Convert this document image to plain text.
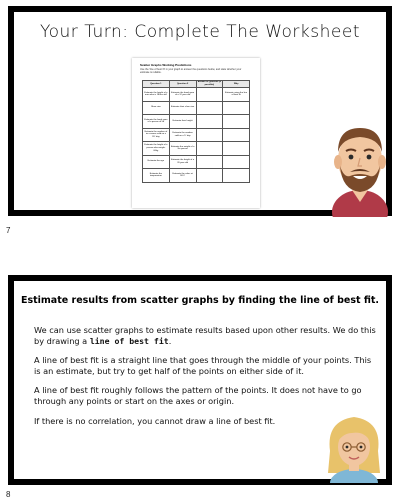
Your Turn: Complete The Worksheet
Scatter Graphs Working Predictions
Use the 'line of best fit' in your graph to answer the questions below, and state whether your estimate is reliable.
Question 1	Question 2	Answer to Question (if possible)	Why
Estimate the height of a man who is 180cm tall	Estimate the hand span of a 12 year old		Estimate using the line of best fit
Shoe size	Estimate their shoe size		
Estimate the hand span of a person of 5ft	Estimate their height		
Estimate the number of ice creams sold on a 20° day	Estimate the number sold on a 5° day		
Estimate the height of a person who weighs 60kg	Estimate the weight of a 2m person		
Estimate the age	Estimate the height of a 20 year old		
Estimate the temperature	Estimate the sales at 30°C		
7
Estimate results from scatter graphs by finding the line of best fit.

We can use scatter graphs to estimate results based upon other results. We do this by drawing a line of best fit.

A line of best fit is a straight line that goes through the middle of your points. This is an estimate, but try to get half of the points on either side of it.

A line of best fit roughly follows the pattern of the points. It does not have to go through any points or start on the axes or origin.

If there is no correlation, you cannot draw a line of best fit.

8
